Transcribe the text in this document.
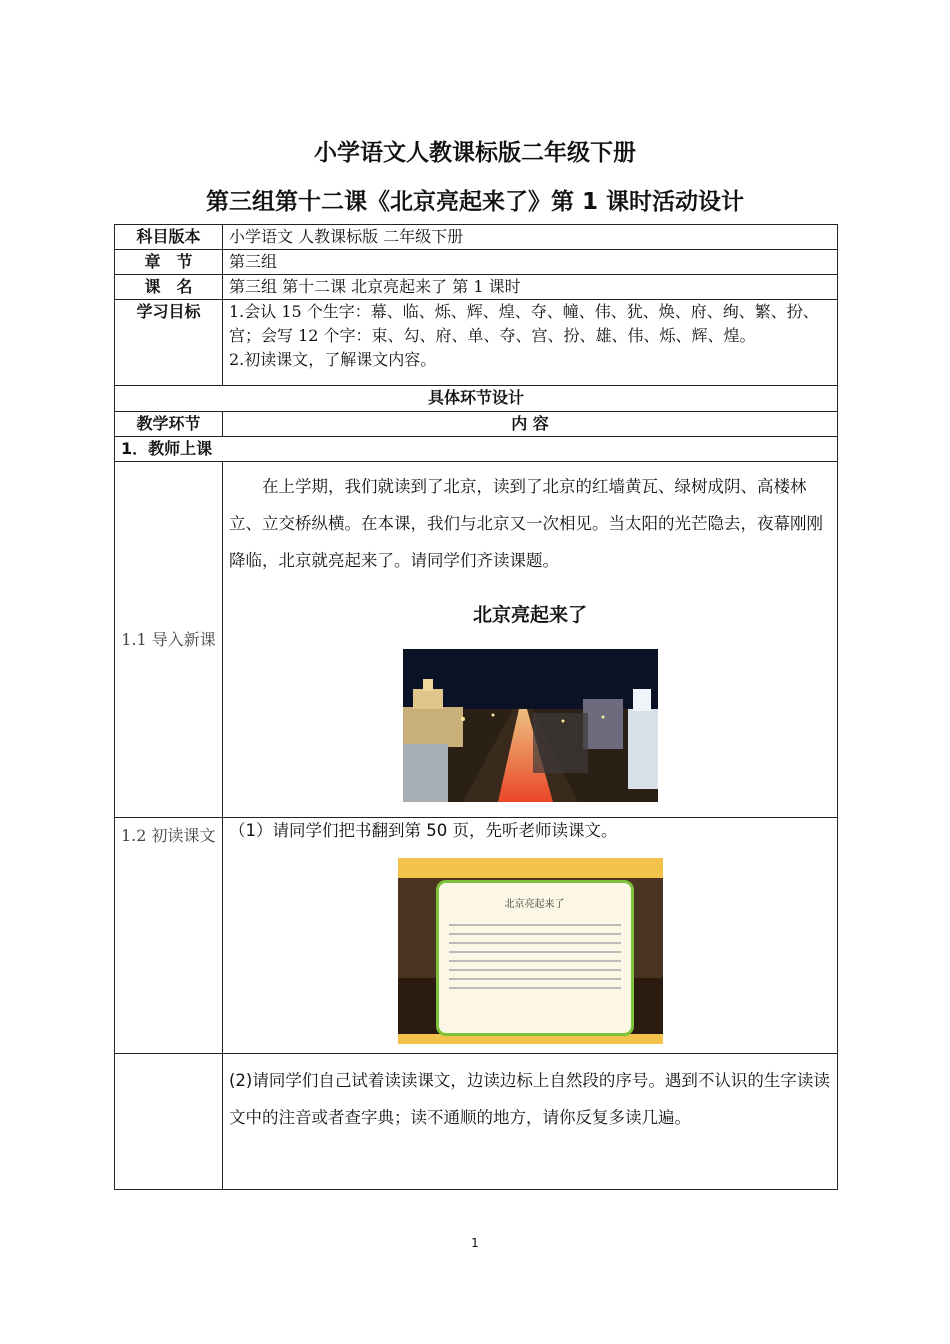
小学语文人教课标版二年级下册
第三组第十二课《北京亮起来了》第 1 课时活动设计
科目版本	小学语文 人教课标版 二年级下册
章　节	第三组
课　名	第三组 第十二课 北京亮起来了 第 1 课时
学习目标	1.会认 15 个生字：幕、临、烁、辉、煌、夺、幢、伟、犹、焕、府、绚、繁、扮、宫；会写 12 个字：束、勾、府、单、夺、宫、扮、雄、伟、烁、辉、煌。

2.初读课文，了解课文内容。

具体环节设计	
教学环节	内 容
1．教师上课	
1.1 导入新课	在上学期，我们就读到了北京，读到了北京的红墙黄瓦、绿树成阴、高楼林立、立交桥纵横。在本课，我们与北京又一次相见。当太阳的光芒隐去，夜幕刚刚降临，北京就亮起来了。请同学们齐读课题。

北京亮起来了

1.2 初读课文	（1）请同学们把书翻到第 50 页，先听老师读课文。

北京亮起来了

	(2)请同学们自己试着读读课文，边读边标上自然段的序号。遇到不认识的生字读读文中的注音或者查字典；读不通顺的地方，请你反复多读几遍。

1
